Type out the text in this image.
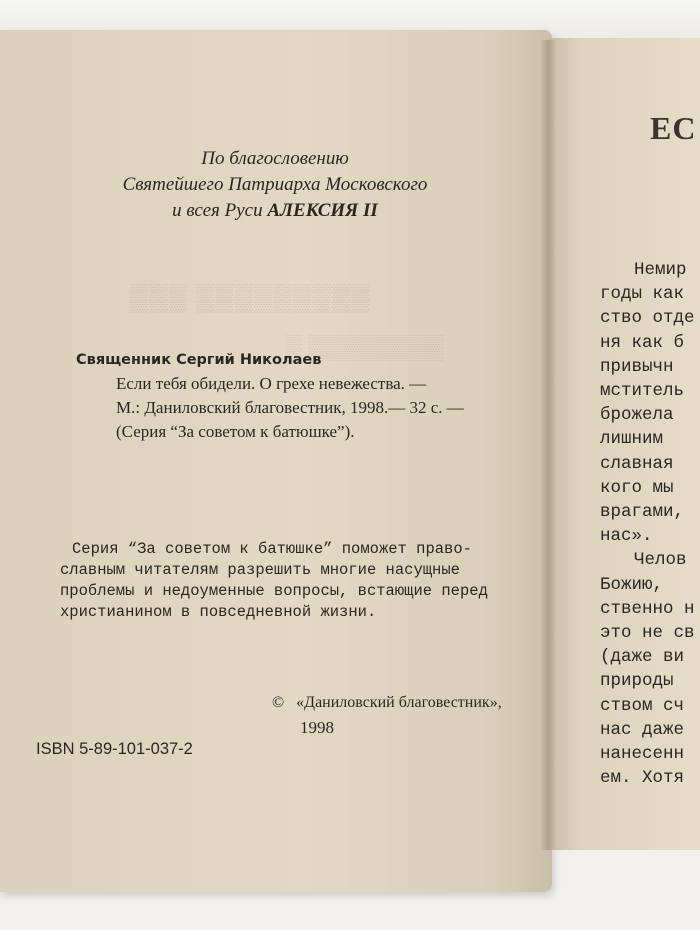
▒▒▒ ▒▒▒▒▒▒▒▒▒
▒ ▒▒▒▒▒▒▒▒
По благословению
Святейшего Патриарха Московского
и всея Руси АЛЕКСИЯ II
Священник Сергий Николаев
Если тебя обидели. О грехе невежества. —
М.: Даниловский благовестник, 1998.— 32 с. —
(Серия “За советом к батюшке”).
Серия “За советом к батюшке” поможет право-
славным читателям разрешить многие насущные
проблемы и недоуменные вопросы, встающие перед
христианином в повседневной жизни.
© «Даниловский благовестник»,
1998
ISBN 5-89-101-037-2
ЕС
Немир
годы как
ство отде
ня как б
привычн
мститель
брожела
лишним
славная
кого мы
врагами,
нас».
Челов
Божию,
ственно н
это не св
(даже ви
природы
ством сч
нас даже
нанесенн
ем. Хотя
